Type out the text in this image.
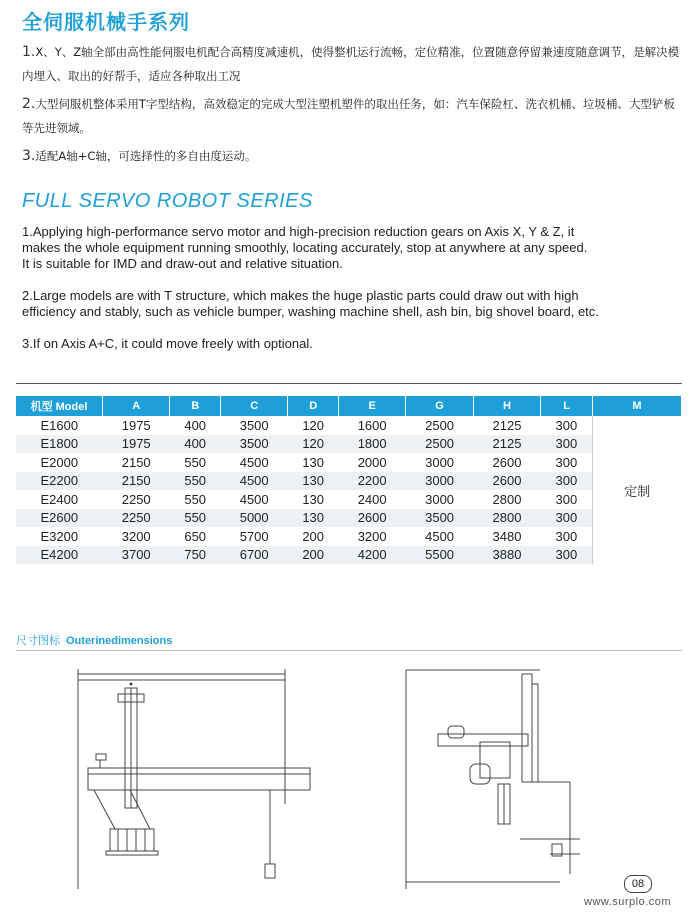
全伺服机械手系列
1.X、Y、Z轴全部由高性能伺服电机配合高精度减速机，使得整机运行流畅，定位精准，位置随意停留兼速度随意调节，是解决模内埋入、取出的好帮手，适应各种取出工况
2.大型伺服机整体采用T字型结构，高效稳定的完成大型注塑机塑件的取出任务，如：汽车保险杠、洗衣机桶、垃圾桶、大型铲板等先进领域。
3.适配A轴+C轴，可选择性的多自由度运动。
FULL SERVO ROBOT SERIES
1.Applying high-performance servo motor and high-precision reduction gears on Axis X, Y & Z, it
makes the whole equipment running smoothly, locating accurately, stop at anywhere at any speed.
It is suitable for IMD and draw-out and relative situation.
2.Large models are with T structure, which makes the huge plastic parts could draw out with high
efficiency and stably, such as vehicle bumper, washing machine shell, ash bin, big shovel board, etc.
3.If on Axis A+C, it could move freely with optional.
机型 Model	A	B	C	D	E	G	H	L	M
E1600	1975	400	3500	120	1600	2500	2125	300	定制
E1800	1975	400	3500	120	1800	2500	2125	300	
E2000	2150	550	4500	130	2000	3000	2600	300	
E2200	2150	550	4500	130	2200	3000	2600	300	
E2400	2250	550	4500	130	2400	3000	2800	300	
E2600	2250	550	5000	130	2600	3500	2800	300	
E3200	3200	650	5700	200	3200	4500	3480	300	
E4200	3700	750	6700	200	4200	5500	3880	300	
尺寸图标 Outerinedimensions
08
www.surplo.com
